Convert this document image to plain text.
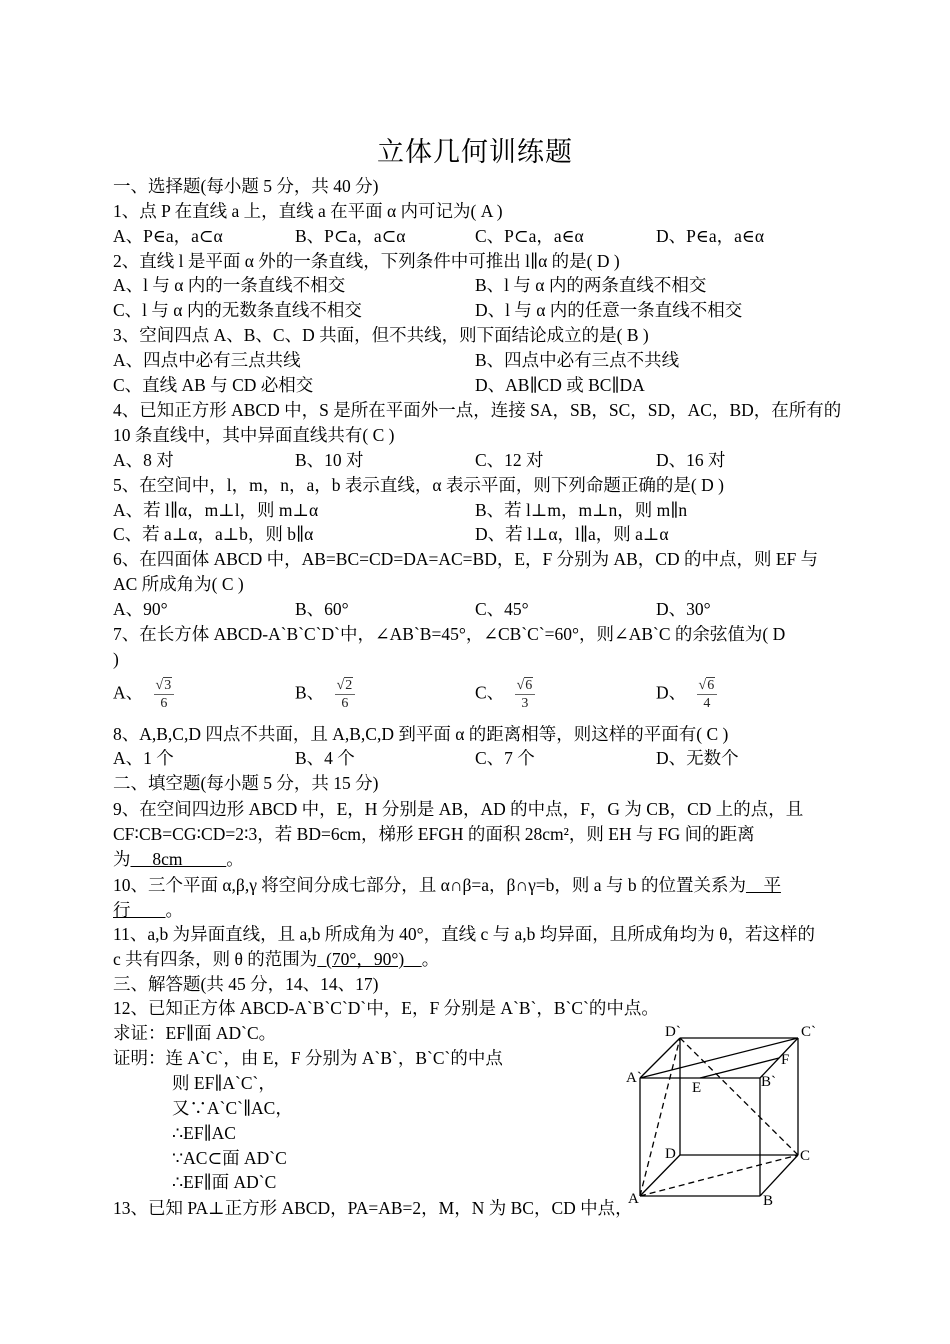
立体几何训练题
一、选择题(每小题 5 分，共 40 分)
1、点 P 在直线 a 上，直线 a 在平面 α 内可记为( A )
A、P∈a，a⊂α	B、P⊂a，a⊂α	C、P⊂a，a∈α	D、P∈a，a∈α
2、直线 l 是平面 α 外的一条直线，下列条件中可推出 l∥α 的是( D )
A、l 与 α 内的一条直线不相交	B、l 与 α 内的两条直线不相交
C、l 与 α 内的无数条直线不相交	D、l 与 α 内的任意一条直线不相交
3、空间四点 A、B、C、D 共面，但不共线，则下面结论成立的是( B )
A、四点中必有三点共线	B、四点中必有三点不共线
C、直线 AB 与 CD 必相交	D、AB∥CD 或 BC∥DA
4、已知正方形 ABCD 中，S 是所在平面外一点，连接 SA，SB，SC，SD，AC，BD，在所有的
10 条直线中，其中异面直线共有( C )
A、8 对	B、10 对	C、12 对	D、16 对
5、在空间中，l，m，n，a，b 表示直线，α 表示平面，则下列命题正确的是( D )
A、若 l∥α，m⊥l，则 m⊥α	B、若 l⊥m，m⊥n，则 m∥n
C、若 a⊥α，a⊥b，则 b∥α	D、若 l⊥α，l∥a，则 a⊥α
6、在四面体 ABCD 中，AB=BC=CD=DA=AC=BD，E，F 分别为 AB，CD 的中点，则 EF 与
AC 所成角为( C )
A、90°	B、60°	C、45°	D、30°
7、在长方体 ABCD-A`B`C`D`中，∠AB`B=45°，∠CB`C`=60°，则∠AB`C 的余弦值为( D
)
A、 $\frac{√3}{6}$	B、 $\frac{√2}{6}$	C、 $\frac{√6}{3}$	D、 $\frac{√6}{4}$
8、A,B,C,D 四点不共面，且 A,B,C,D 到平面 α 的距离相等，则这样的平面有( C )
A、1 个	B、4 个	C、7 个	D、无数个
二、填空题(每小题 5 分，共 15 分)
9、在空间四边形 ABCD 中，E，H 分别是 AB，AD 的中点，F，G 为 CB，CD 上的点，且
CF∶CB=CG∶CD=2∶3，若 BD=6cm，梯形 EFGH 的面积 28cm²，则 EH 与 FG 间的距离
为     8cm          。
10、三个平面 α,β,γ 将空间分成七部分，且 α∩β=a，β∩γ=b，则 a 与 b 的位置关系为    平
行        。
11、a,b 为异面直线，且 a,b 所成角为 40°，直线 c 与 a,b 均异面，且所成角均为 θ，若这样的
c 共有四条，则 θ 的范围为  (70°，90°)    。
三、解答题(共 45 分，14、14、17)
12、已知正方体 ABCD-A`B`C`D`中，E，F 分别是 A`B`，B`C`的中点。
求证：EF∥面 AD`C。
证明：连 A`C`，由 E，F 分别为 A`B`，B`C`的中点
则 EF∥A`C`，
又∵A`C`∥AC，
∴EF∥AC
∵AC⊂面 AD`C
∴EF∥面 AD`C
D`	C`
A`	B`
E
F
D	C
A	B
13、已知 PA⊥正方形 ABCD，PA=AB=2，M，N 为 BC，CD 中点，
